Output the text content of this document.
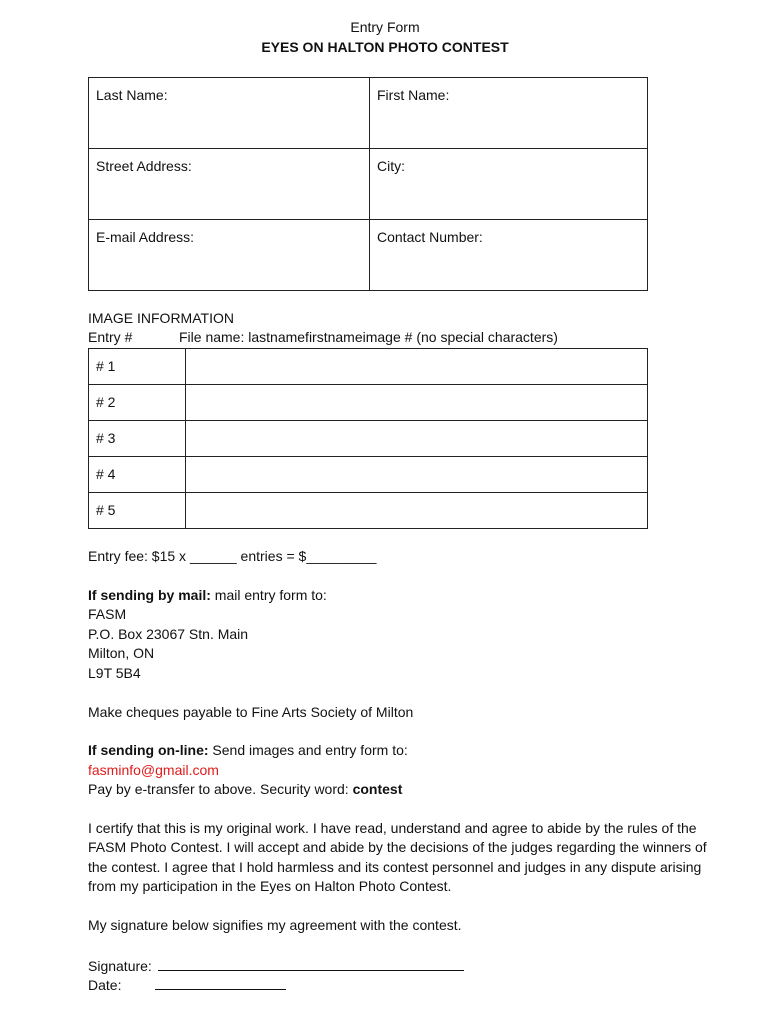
Entry Form
EYES ON HALTON PHOTO CONTEST
Last Name:	First Name:

Street Address:	City:

E-mail Address:	Contact Number:
IMAGE INFORMATION
Entry #	File name: lastnamefirstnameimage # (no special characters)
# 1	

# 2	

# 3	

# 4	

# 5	

Entry fee: $15 x ______ entries = $_________
If sending by mail: mail entry form to:
FASM
P.O. Box 23067 Stn. Main
Milton, ON
L9T 5B4
Make cheques payable to Fine Arts Society of Milton
If sending on-line: Send images and entry form to:
fasminfo@gmail.com
Pay by e-transfer to above. Security word: contest
I certify that this is my original work. I have read, understand and agree to abide by the rules of the
FASM Photo Contest. I will accept and abide by the decisions of the judges regarding the winners of
the contest. I agree that I hold harmless and its contest personnel and judges in any dispute arising
from my participation in the Eyes on Halton Photo Contest.
My signature below signifies my agreement with the contest.
Signature:
Date:
